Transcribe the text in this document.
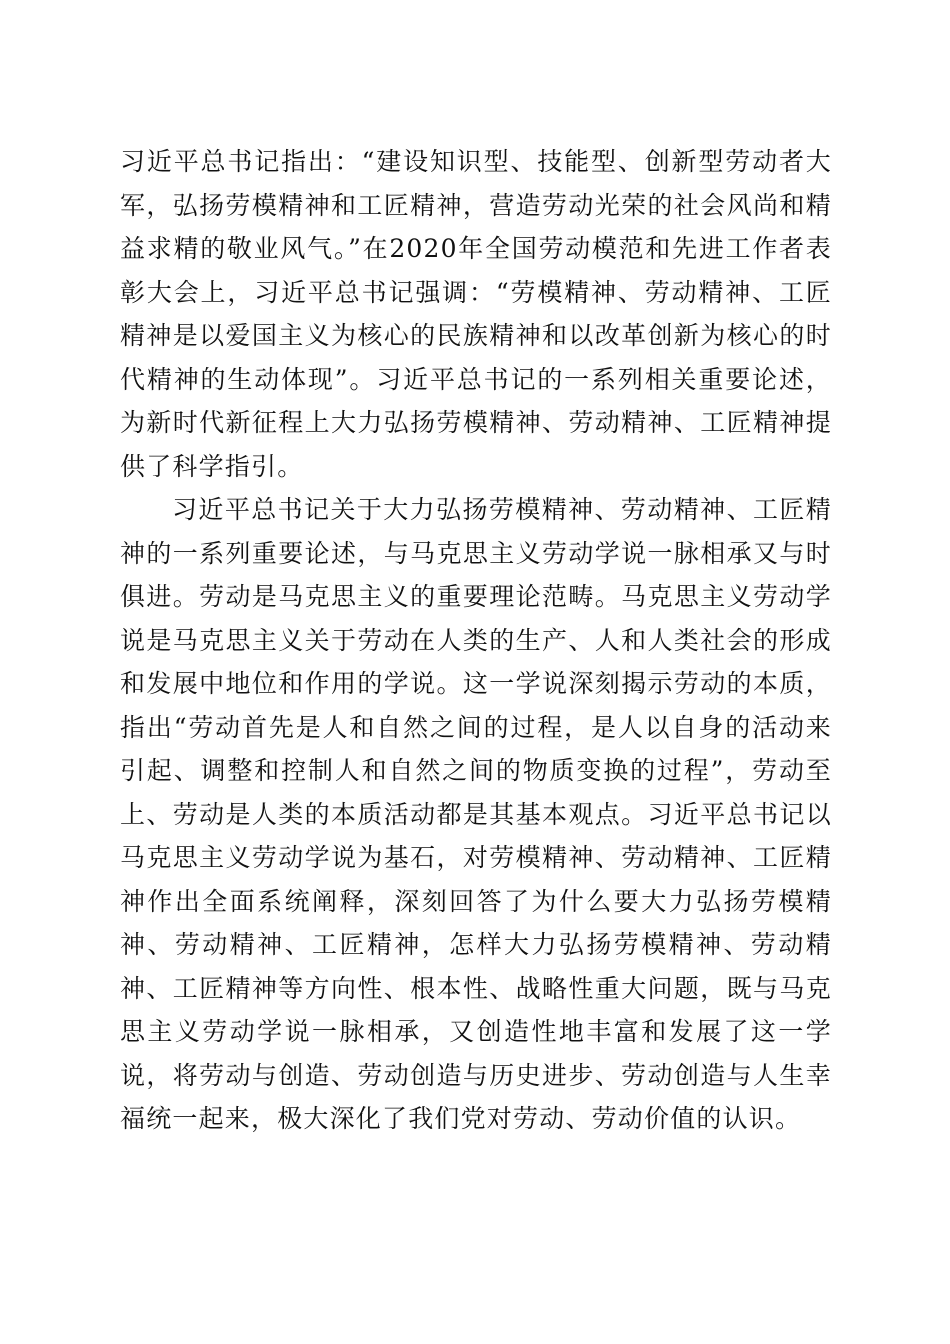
习近平总书记指出：“建设知识型、技能型、创新型劳动者大军，弘扬劳模精神和工匠精神，营造劳动光荣的社会风尚和精益求精的敬业风气。”在2020年全国劳动模范和先进工作者表彰大会上，习近平总书记强调：“劳模精神、劳动精神、工匠精神是以爱国主义为核心的民族精神和以改革创新为核心的时代精神的生动体现”。习近平总书记的一系列相关重要论述，为新时代新征程上大力弘扬劳模精神、劳动精神、工匠精神提供了科学指引。

习近平总书记关于大力弘扬劳模精神、劳动精神、工匠精神的一系列重要论述，与马克思主义劳动学说一脉相承又与时俱进。劳动是马克思主义的重要理论范畴。马克思主义劳动学说是马克思主义关于劳动在人类的生产、人和人类社会的形成和发展中地位和作用的学说。这一学说深刻揭示劳动的本质，指出“劳动首先是人和自然之间的过程，是人以自身的活动来引起、调整和控制人和自然之间的物质变换的过程”，劳动至上、劳动是人类的本质活动都是其基本观点。习近平总书记以马克思主义劳动学说为基石，对劳模精神、劳动精神、工匠精神作出全面系统阐释，深刻回答了为什么要大力弘扬劳模精神、劳动精神、工匠精神，怎样大力弘扬劳模精神、劳动精神、工匠精神等方向性、根本性、战略性重大问题，既与马克思主义劳动学说一脉相承，又创造性地丰富和发展了这一学说，将劳动与创造、劳动创造与历史进步、劳动创造与人生幸福统一起来，极大深化了我们党对劳动、劳动价值的认识。
